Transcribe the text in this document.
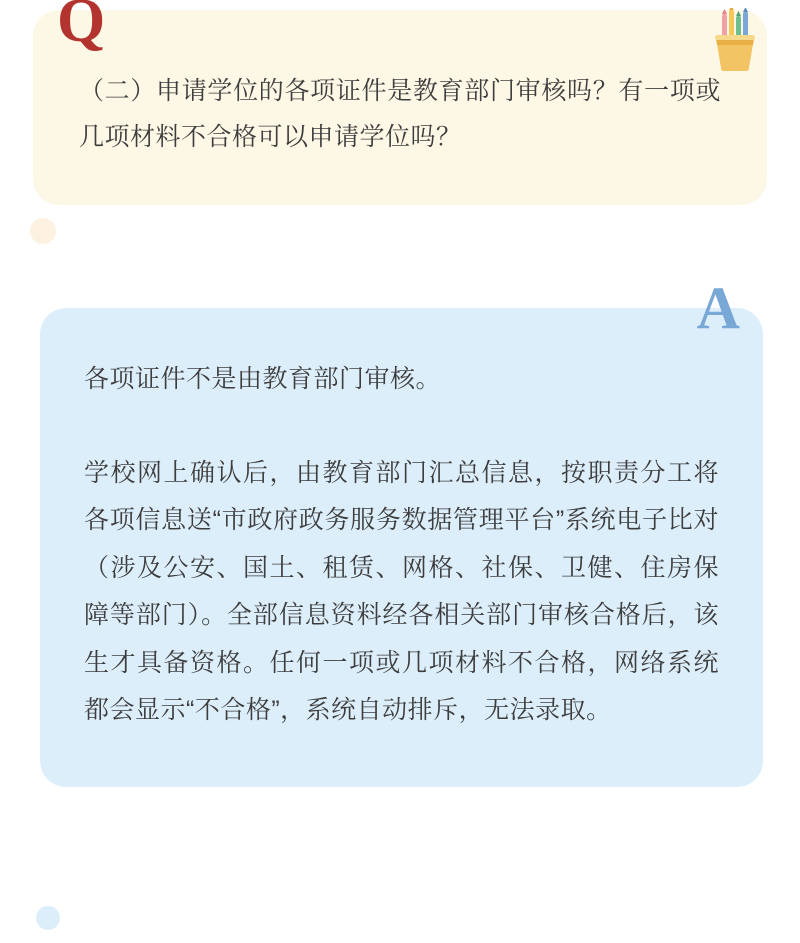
（二）申请学位的各项证件是教育部门审核吗？有一项或几项材料不合格可以申请学位吗？
Q
A

各项证件不是由教育部门审核。

学校网上确认后，由教育部门汇总信息，按职责分工将各项信息送“市政府政务服务数据管理平台”系统电子比对（涉及公安、国土、租赁、网格、社保、卫健、住房保障等部门）。全部信息资料经各相关部门审核合格后，该生才具备资格。任何一项或几项材料不合格，网络系统都会显示“不合格”，系统自动排斥，无法录取。
